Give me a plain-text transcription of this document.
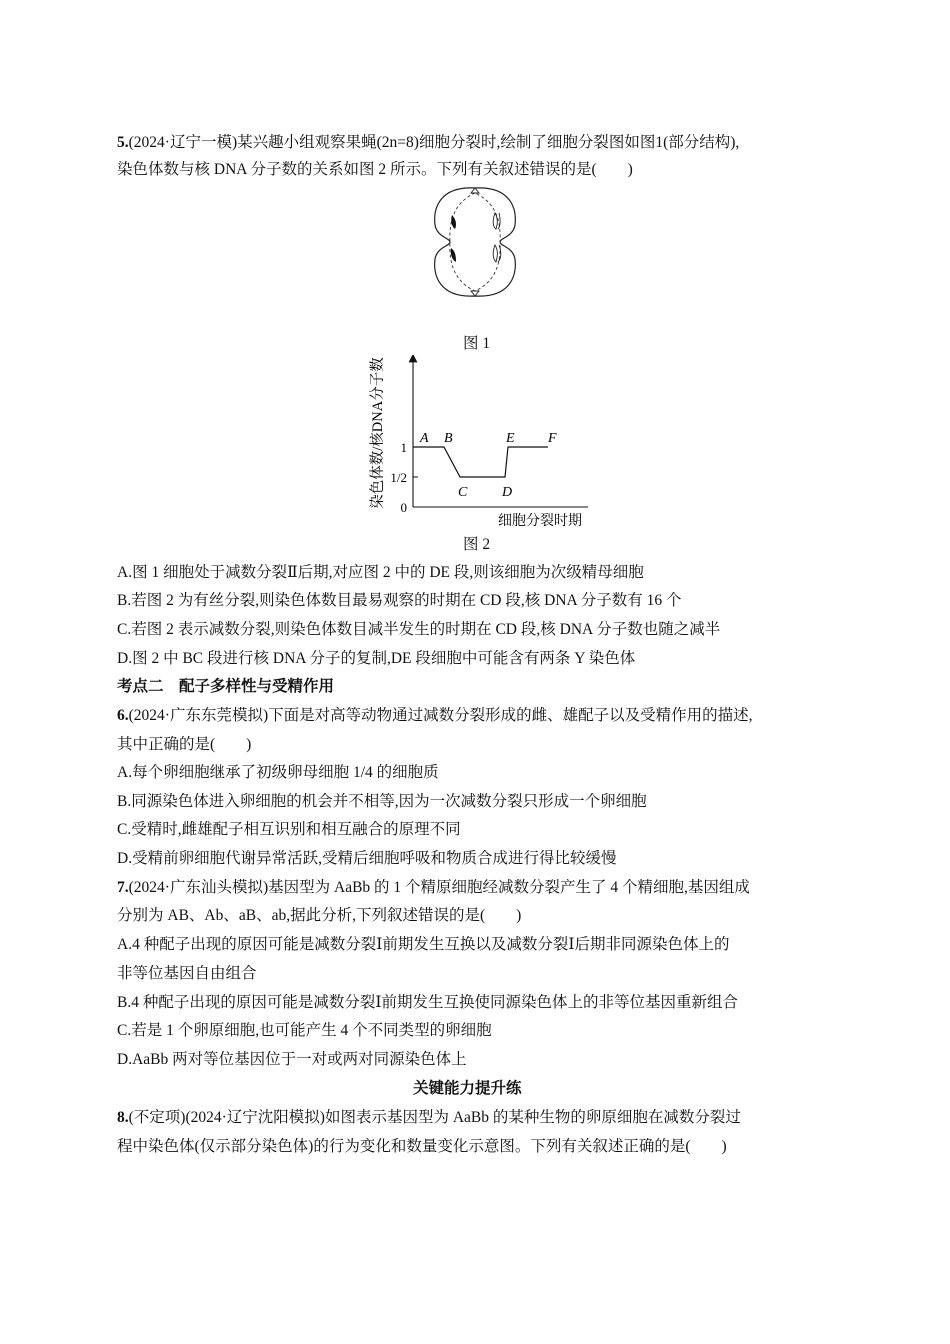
5.(2024·辽宁一模)某兴趣小组观察果蝇(2n=8)细胞分裂时,绘制了细胞分裂图如图1(部分结构),
染色体数与核 DNA 分子数的关系如图 2 所示。下列有关叙述错误的是(　　)
图 1
染色体数/核DNA分子数
细胞分裂时期
0
1/2
1
A B
C D
E F
图 2
A.图 1 细胞处于减数分裂Ⅱ后期,对应图 2 中的 DE 段,则该细胞为次级精母细胞
B.若图 2 为有丝分裂,则染色体数目最易观察的时期在 CD 段,核 DNA 分子数有 16 个
C.若图 2 表示减数分裂,则染色体数目减半发生的时期在 CD 段,核 DNA 分子数也随之减半
D.图 2 中 BC 段进行核 DNA 分子的复制,DE 段细胞中可能含有两条 Y 染色体
考点二　配子多样性与受精作用
6.(2024·广东东莞模拟)下面是对高等动物通过减数分裂形成的雌、雄配子以及受精作用的描述,
其中正确的是(　　)
A.每个卵细胞继承了初级卵母细胞 1/4 的细胞质
B.同源染色体进入卵细胞的机会并不相等,因为一次减数分裂只形成一个卵细胞
C.受精时,雌雄配子相互识别和相互融合的原理不同
D.受精前卵细胞代谢异常活跃,受精后细胞呼吸和物质合成进行得比较缓慢
7.(2024·广东汕头模拟)基因型为 AaBb 的 1 个精原细胞经减数分裂产生了 4 个精细胞,基因组成
分别为 AB、Ab、aB、ab,据此分析,下列叙述错误的是(　　)
A.4 种配子出现的原因可能是减数分裂Ⅰ前期发生互换以及减数分裂Ⅰ后期非同源染色体上的
非等位基因自由组合
B.4 种配子出现的原因可能是减数分裂Ⅰ前期发生互换使同源染色体上的非等位基因重新组合
C.若是 1 个卵原细胞,也可能产生 4 个不同类型的卵细胞
D.AaBb 两对等位基因位于一对或两对同源染色体上
关键能力提升练
8.(不定项)(2024·辽宁沈阳模拟)如图表示基因型为 AaBb 的某种生物的卵原细胞在减数分裂过
程中染色体(仅示部分染色体)的行为变化和数量变化示意图。下列有关叙述正确的是(　　)
